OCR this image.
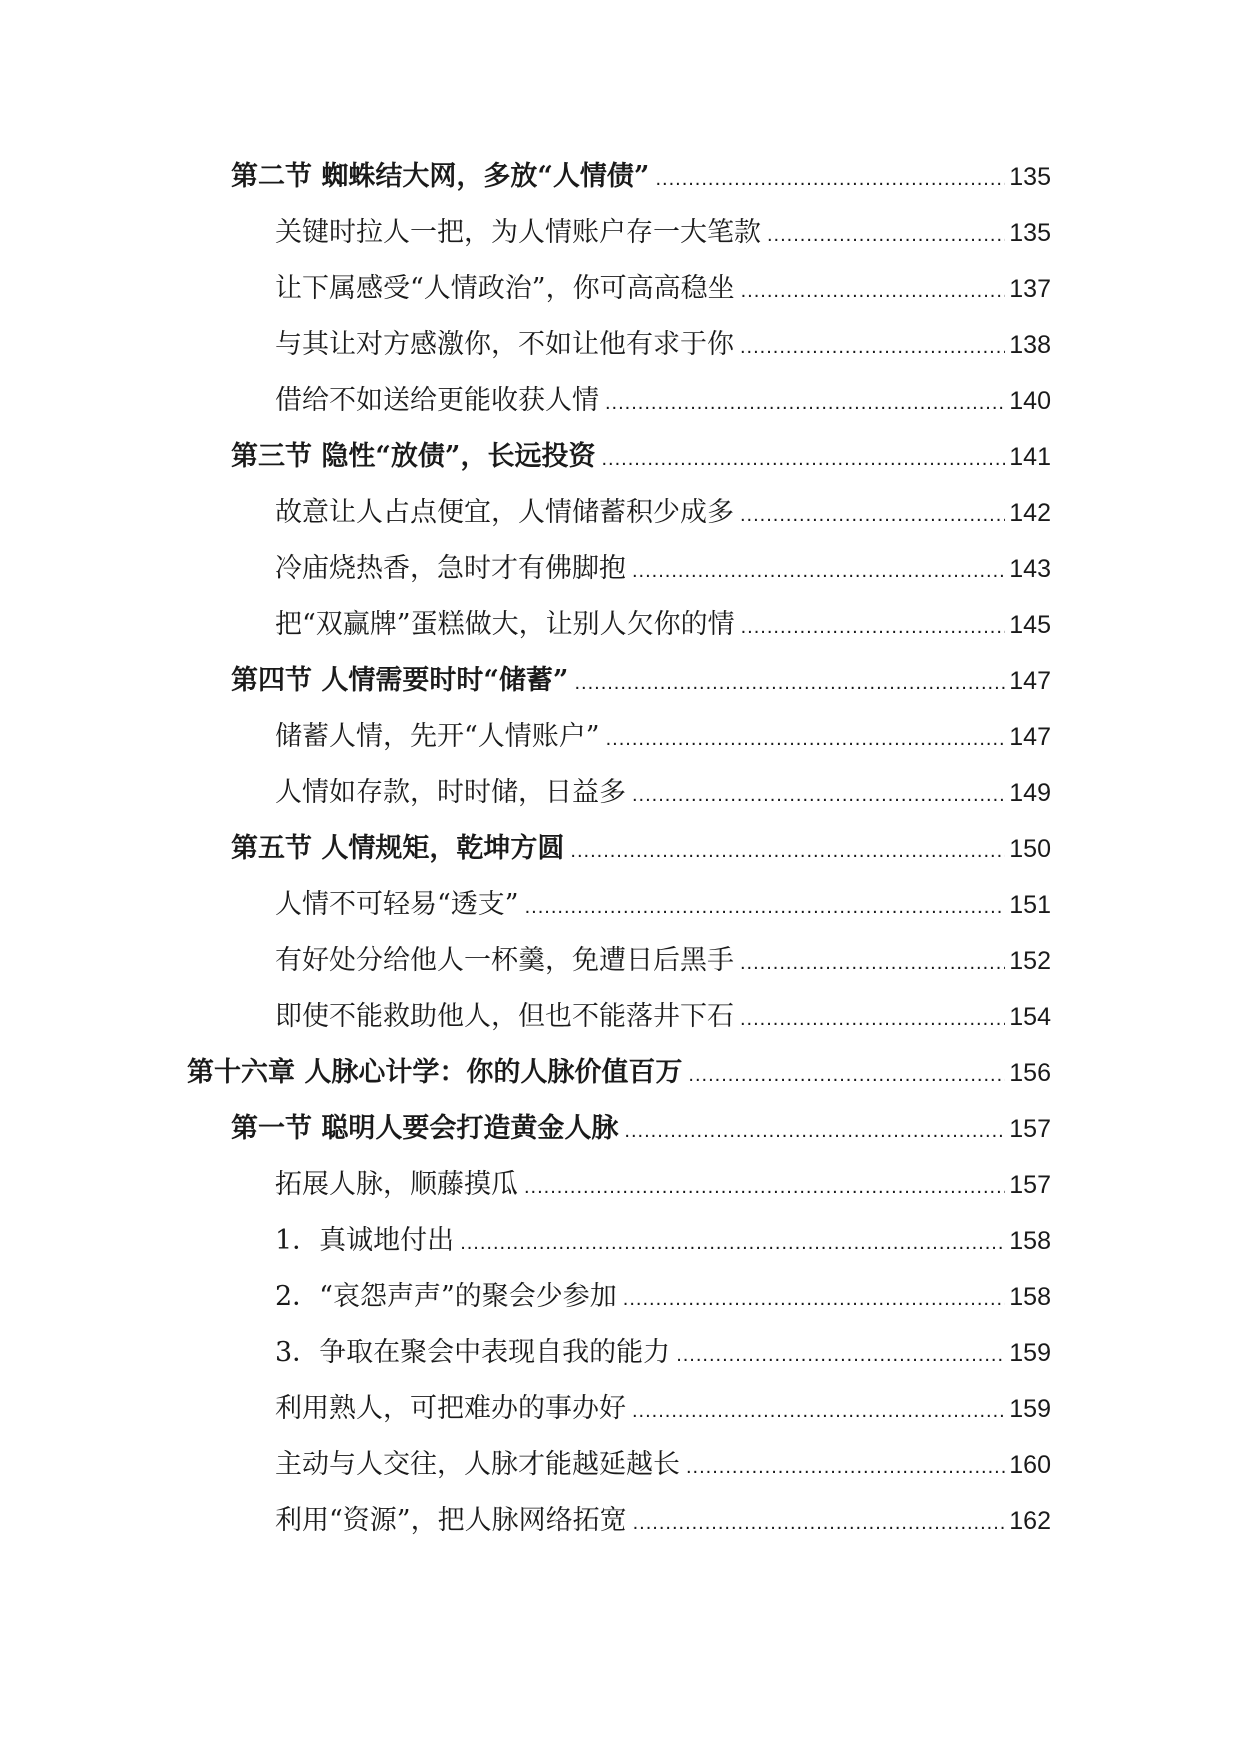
第二节 蜘蛛结大网，多放“人情债” .....	135
关键时拉人一把，为人情账户存一大笔款 .....	135
让下属感受“人情政治”，你可高高稳坐 .....	137
与其让对方感激你，不如让他有求于你 .....	138
借给不如送给更能收获人情 .....	140
第三节 隐性“放债”，长远投资 .....	141
故意让人占点便宜，人情储蓄积少成多 .....	142
冷庙烧热香，急时才有佛脚抱 .....	143
把“双赢牌”蛋糕做大，让别人欠你的情 .....	145
第四节 人情需要时时“储蓄” .....	147
储蓄人情，先开“人情账户” .....	147
人情如存款，时时储，日益多 .....	149
第五节 人情规矩，乾坤方圆 .....	150
人情不可轻易“透支” .....	151
有好处分给他人一杯羹，免遭日后黑手 .....	152
即使不能救助他人，但也不能落井下石 .....	154
第十六章 人脉心计学：你的人脉价值百万 .....	156
第一节 聪明人要会打造黄金人脉 .....	157
拓展人脉，顺藤摸瓜 .....	157
1．真诚地付出 .....	158
2．“哀怨声声”的聚会少参加 .....	158
3．争取在聚会中表现自我的能力 .....	159
利用熟人，可把难办的事办好 .....	159
主动与人交往，人脉才能越延越长 .....	160
利用“资源”，把人脉网络拓宽 .....	162
